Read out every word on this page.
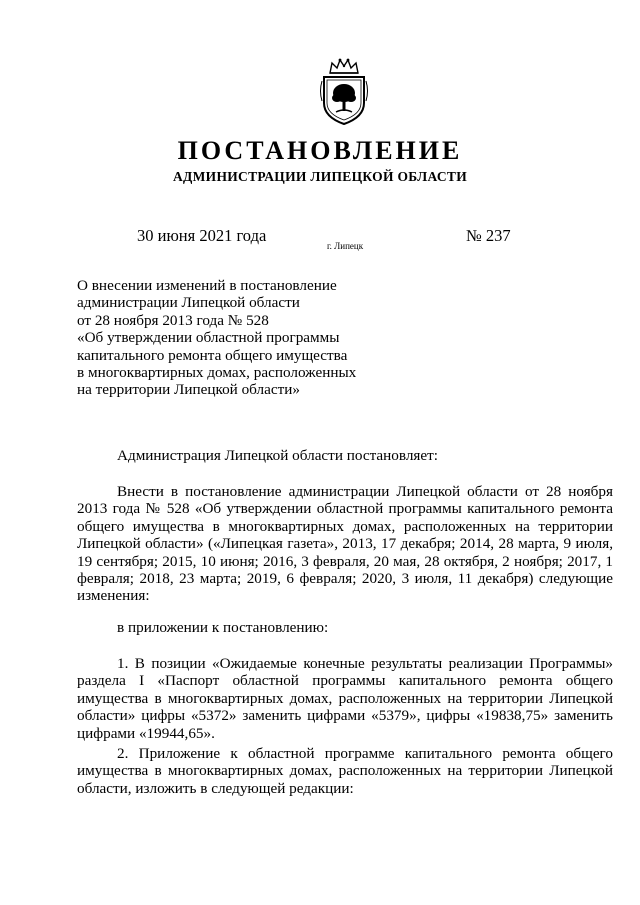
ПОСТАНОВЛЕНИЕ
АДМИНИСТРАЦИИ ЛИПЕЦКОЙ ОБЛАСТИ
30 июня 2021 года
г. Липецк
№ 237
О внесении изменений в постановление
администрации Липецкой области
от 28 ноября 2013 года № 528
«Об утверждении областной программы
капитального ремонта общего имущества
в многоквартирных домах, расположенных
на территории Липецкой области»

Администрация Липецкой области постановляет:

Внести в постановление администрации Липецкой области от 28 ноября 2013 года № 528 «Об утверждении областной программы капитального ремонта общего имущества в многоквартирных домах, расположенных на территории Липецкой области» («Липецкая газета», 2013, 17 декабря; 2014, 28 марта, 9 июля, 19 сентября; 2015, 10 июня; 2016, 3 февраля, 20 мая, 28 октября, 2 ноября; 2017, 1 февраля; 2018, 23 марта; 2019, 6 февраля; 2020, 3 июля, 11 декабря) следующие изменения:

в приложении к постановлению:

1. В позиции «Ожидаемые конечные результаты реализации Программы» раздела I «Паспорт областной программы капитального ремонта общего имущества в многоквартирных домах, расположенных на территории Липецкой области» цифры «5372» заменить цифрами «5379», цифры «19838,75» заменить цифрами «19944,65».

2. Приложение к областной программе капитального ремонта общего имущества в многоквартирных домах, расположенных на территории Липецкой области, изложить в следующей редакции:
